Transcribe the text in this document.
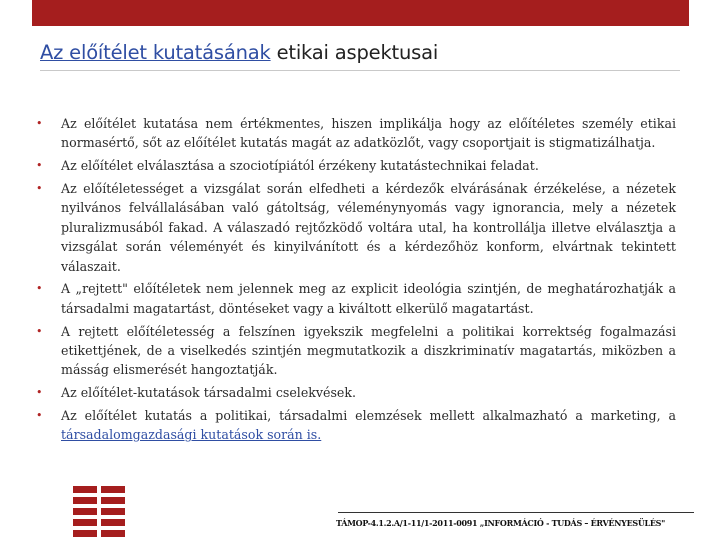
Az előítélet kutatásának etikai aspektusai
•
Az előítélet kutatása nem értékmentes, hiszen implikálja hogy az előítéletes személy etikai normasértő, sőt az előítélet kutatás magát az adatközlőt, vagy csoportjait is stigmatizálhatja.
•
Az előítélet elválasztása a szociotípiától érzékeny kutatástechnikai feladat.
•
Az előítéletességet a vizsgálat során elfedheti a kérdezők elvárásának érzékelése, a nézetek nyilvános felvállalásában való gátoltság, véleménynyomás vagy ignorancia, mely a nézetek pluralizmusából fakad. A válaszadó rejtőzködő voltára utal, ha kontrollálja illetve elválasztja a vizsgálat során véleményét és kinyilvánított és a kérdezőhöz konform, elvártnak tekintett válaszait.
•
A „rejtett" előítéletek nem jelennek meg az explicit ideológia szintjén, de meghatározhatják a társadalmi magatartást, döntéseket vagy a kiváltott elkerülő magatartást.
•
A rejtett előítéletesség a felszínen igyekszik megfelelni a politikai korrektség fogalmazási etikettjének, de a viselkedés szintjén megmutatkozik a diszkriminatív magatartás, miközben a másság elismerését hangoztatják.
•
Az előítélet-kutatások társadalmi cselekvések.
•
Az előítélet kutatás a politikai, társadalmi elemzések mellett alkalmazható a marketing, a társadalomgazdasági kutatások során is.
TÁMOP-4.1.2.A/1-11/1-2011-0091 „INFORMÁCIÓ - TUDÁS – ÉRVÉNYESÜLÉS"
